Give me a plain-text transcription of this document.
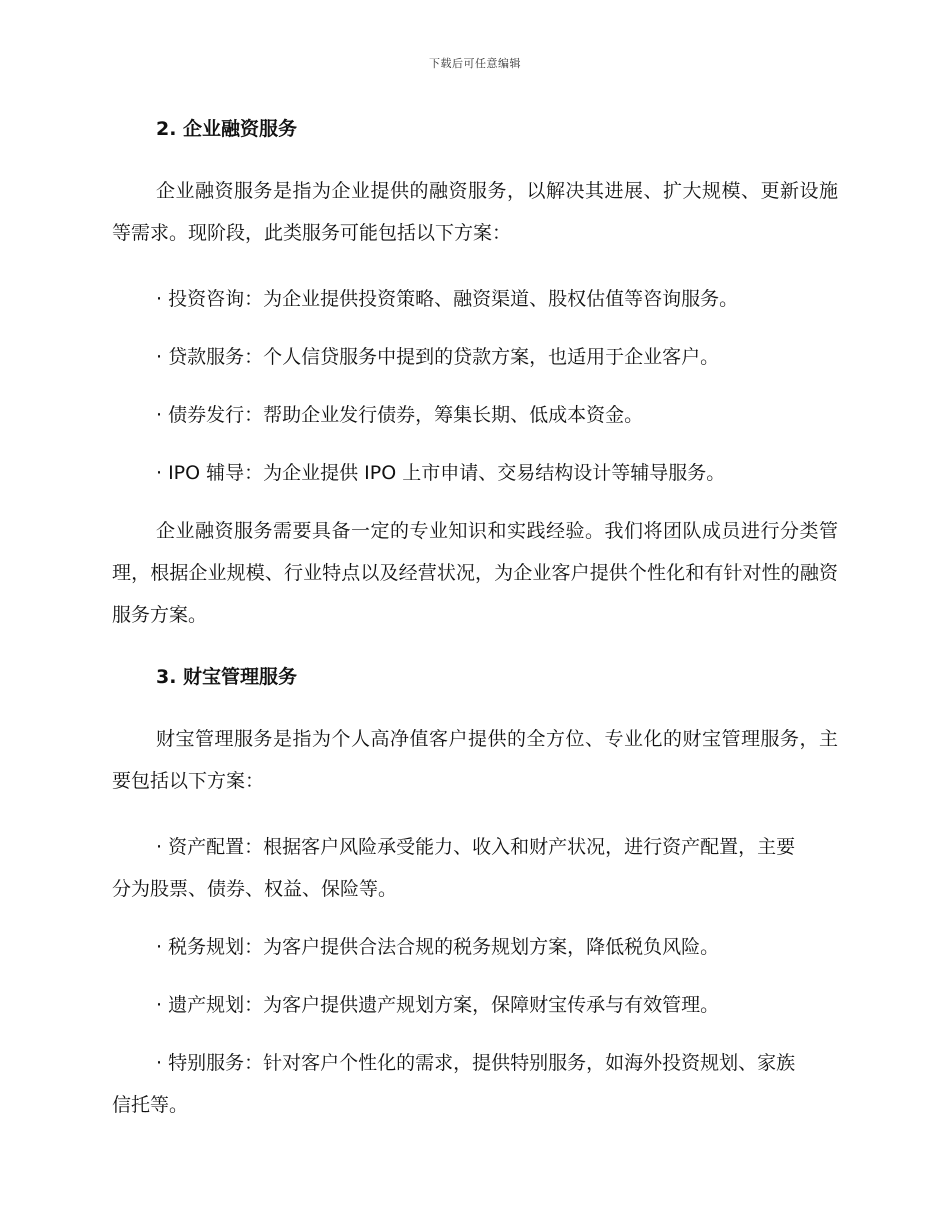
下载后可任意编辑
2. 企业融资服务

企业融资服务是指为企业提供的融资服务，以解决其进展、扩大规模、更新设施等需求。现阶段，此类服务可能包括以下方案：

· 投资咨询：为企业提供投资策略、融资渠道、股权估值等咨询服务。

· 贷款服务：个人信贷服务中提到的贷款方案，也适用于企业客户。

· 债券发行：帮助企业发行债券，筹集长期、低成本资金。

· IPO 辅导：为企业提供 IPO 上市申请、交易结构设计等辅导服务。

企业融资服务需要具备一定的专业知识和实践经验。我们将团队成员进行分类管理，根据企业规模、行业特点以及经营状况，为企业客户提供个性化和有针对性的融资服务方案。

3. 财宝管理服务

财宝管理服务是指为个人高净值客户提供的全方位、专业化的财宝管理服务，主要包括以下方案：

· 资产配置：根据客户风险承受能力、收入和财产状况，进行资产配置，主要分为股票、债券、权益、保险等。

· 税务规划：为客户提供合法合规的税务规划方案，降低税负风险。

· 遗产规划：为客户提供遗产规划方案，保障财宝传承与有效管理。

· 特别服务：针对客户个性化的需求，提供特别服务，如海外投资规划、家族信托等。
